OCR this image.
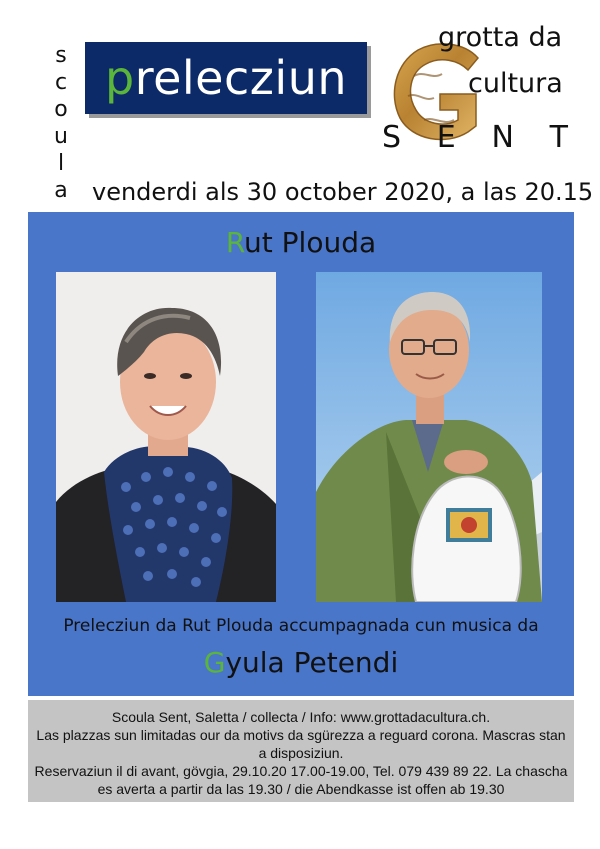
s
c
o
u
l
a
prelecziun
grotta da
cultura
S E N T
venderdi als 30 october 2020, a las 20.15
Rut Plouda
Prelecziun da Rut Plouda accumpagnada cun musica da
Gyula Petendi
Scoula Sent, Saletta / collecta / Info: www.grottadacultura.ch.
Las plazzas sun limitadas our da motivs da sgürezza a reguard corona. Mascras stan a disposiziun.
Reservaziun il di avant, gövgia, 29.10.20 17.00-19.00, Tel. 079 439 89 22. La chascha es averta a partir da las 19.30 / die Abendkasse ist offen ab 19.30
